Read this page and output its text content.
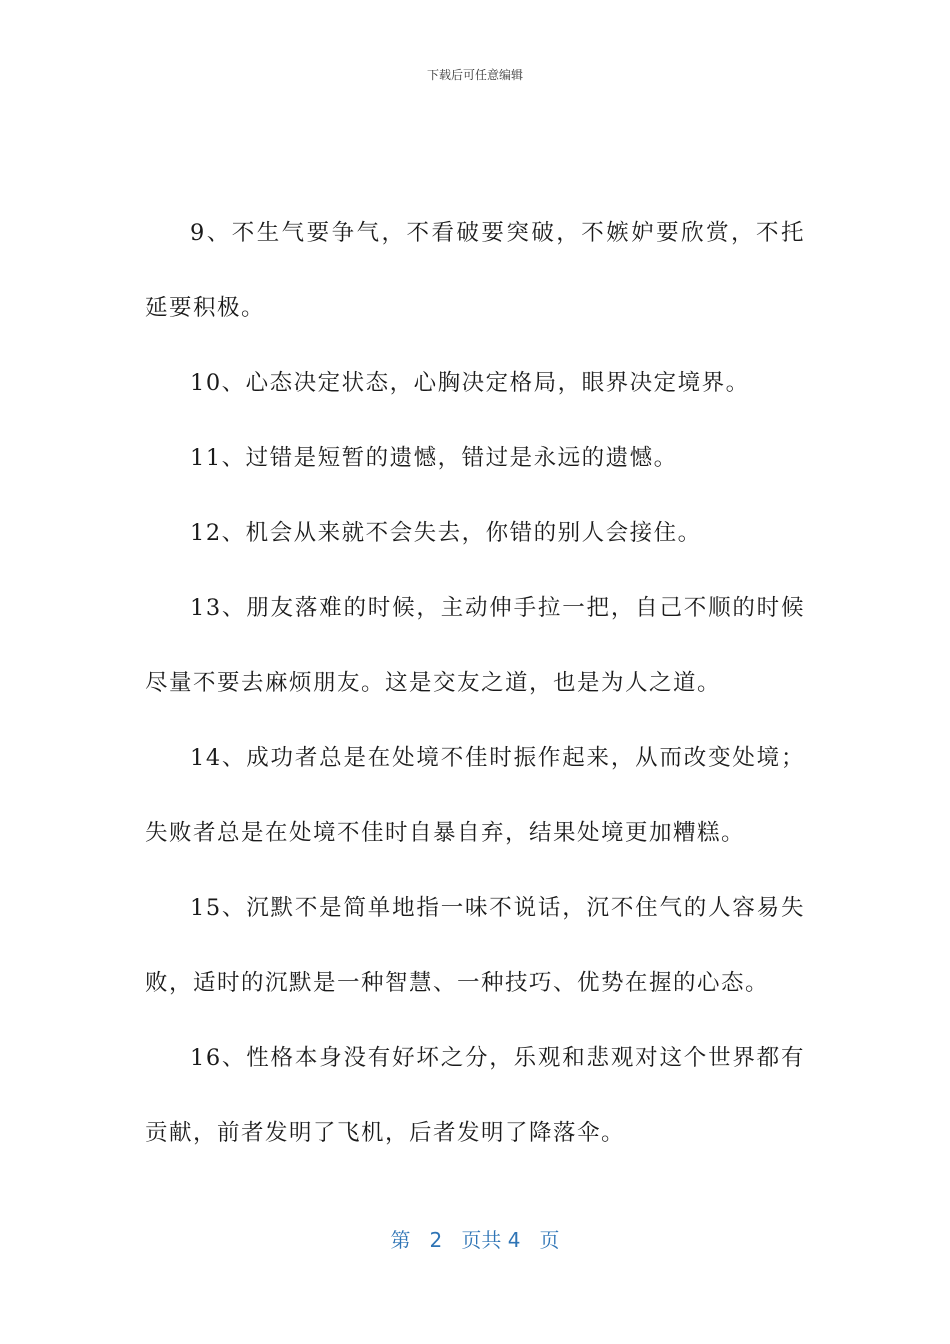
下载后可任意编辑

9、不生气要争气，不看破要突破，不嫉妒要欣赏，不托延要积极。

10、心态决定状态，心胸决定格局，眼界决定境界。

11、过错是短暂的遗憾，错过是永远的遗憾。

12、机会从来就不会失去，你错的别人会接住。

13、朋友落难的时候，主动伸手拉一把，自己不顺的时候尽量不要去麻烦朋友。这是交友之道，也是为人之道。

14、成功者总是在处境不佳时振作起来，从而改变处境；失败者总是在处境不佳时自暴自弃，结果处境更加糟糕。

15、沉默不是简单地指一味不说话，沉不住气的人容易失败，适时的沉默是一种智慧、一种技巧、优势在握的心态。

16、性格本身没有好坏之分，乐观和悲观对这个世界都有贡献，前者发明了飞机，后者发明了降落伞。

第 2 页共 4 页
